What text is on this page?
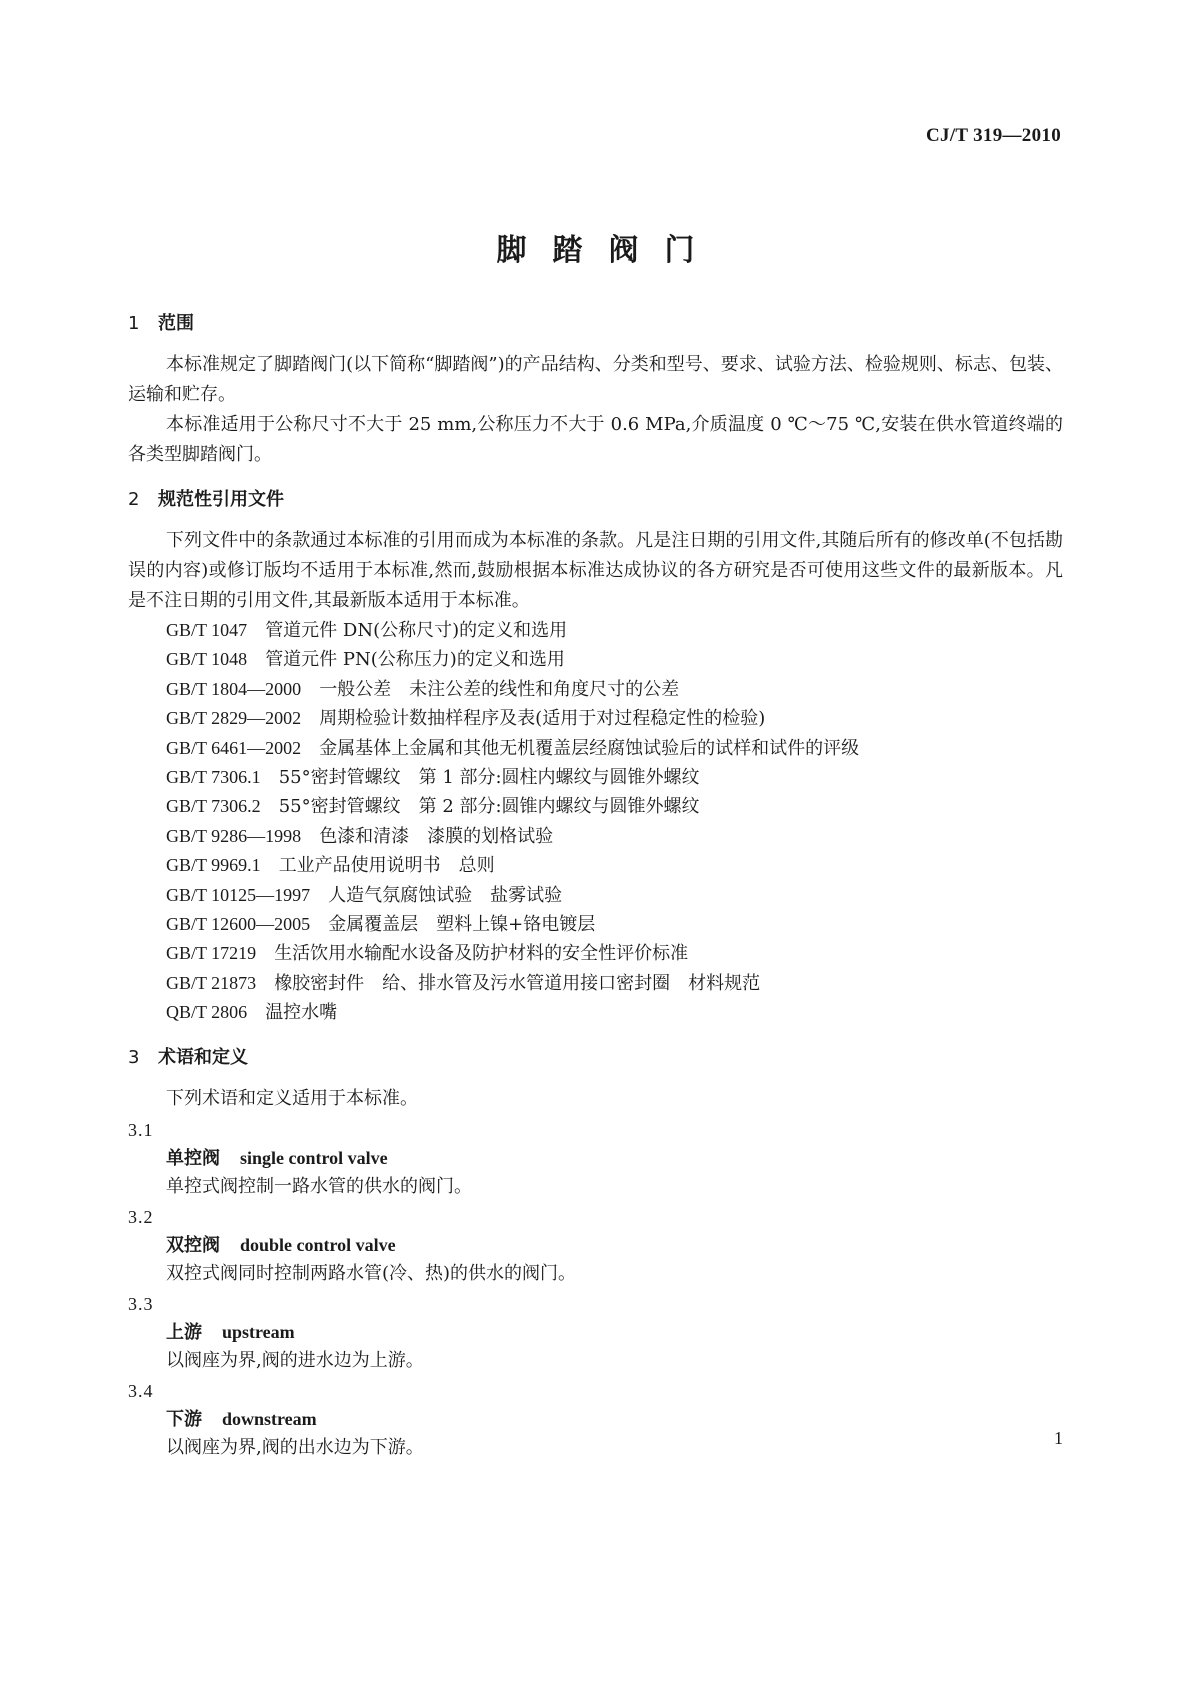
CJ/T 319—2010
脚踏阀门
1 范围

本标准规定了脚踏阀门(以下简称“脚踏阀”)的产品结构、分类和型号、要求、试验方法、检验规则、标志、包装、运输和贮存。

本标准适用于公称尺寸不大于 25 mm,公称压力不大于 0.6 MPa,介质温度 0 ℃～75 ℃,安装在供水管道终端的各类型脚踏阀门。

2 规范性引用文件

下列文件中的条款通过本标准的引用而成为本标准的条款。凡是注日期的引用文件,其随后所有的修改单(不包括勘误的内容)或修订版均不适用于本标准,然而,鼓励根据本标准达成协议的各方研究是否可使用这些文件的最新版本。凡是不注日期的引用文件,其最新版本适用于本标准。

GB/T 1047 管道元件 DN(公称尺寸)的定义和选用
GB/T 1048 管道元件 PN(公称压力)的定义和选用
GB/T 1804—2000 一般公差　未注公差的线性和角度尺寸的公差
GB/T 2829—2002 周期检验计数抽样程序及表(适用于对过程稳定性的检验)
GB/T 6461—2002 金属基体上金属和其他无机覆盖层经腐蚀试验后的试样和试件的评级
GB/T 7306.1 55°密封管螺纹　第 1 部分:圆柱内螺纹与圆锥外螺纹
GB/T 7306.2 55°密封管螺纹　第 2 部分:圆锥内螺纹与圆锥外螺纹
GB/T 9286—1998 色漆和清漆　漆膜的划格试验
GB/T 9969.1 工业产品使用说明书　总则
GB/T 10125—1997 人造气氛腐蚀试验　盐雾试验
GB/T 12600—2005 金属覆盖层　塑料上镍+铬电镀层
GB/T 17219 生活饮用水输配水设备及防护材料的安全性评价标准
GB/T 21873 橡胶密封件　给、排水管及污水管道用接口密封圈　材料规范
QB/T 2806 温控水嘴
3 术语和定义

下列术语和定义适用于本标准。

3.1

单控阀 single control valve

单控式阀控制一路水管的供水的阀门。

3.2

双控阀 double control valve

双控式阀同时控制两路水管(冷、热)的供水的阀门。

3.3

上游 upstream

以阀座为界,阀的进水边为上游。

3.4

下游 downstream

以阀座为界,阀的出水边为下游。	1
